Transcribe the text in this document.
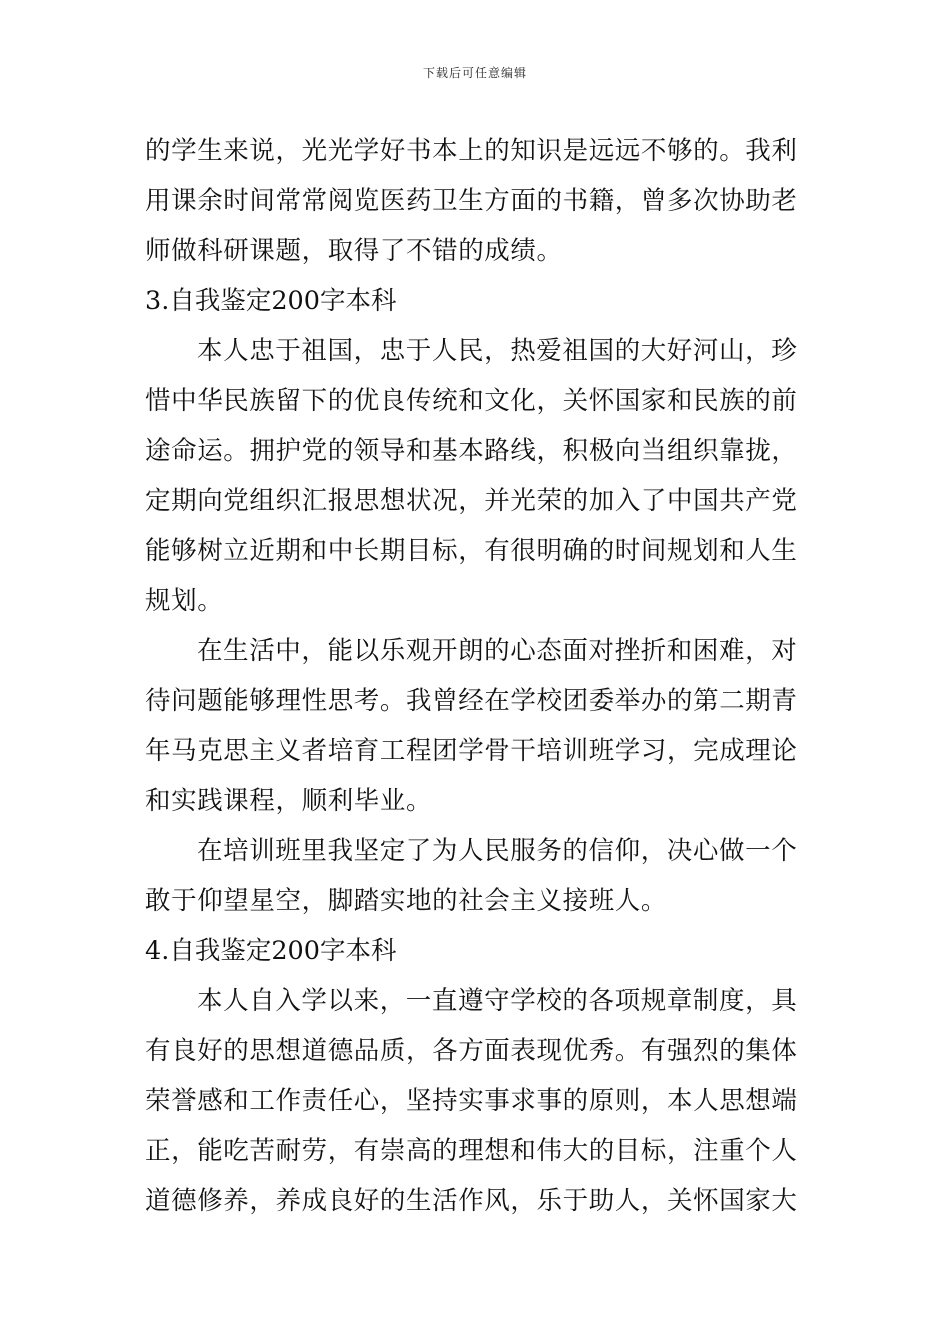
下载后可任意编辑
的学生来说，光光学好书本上的知识是远远不够的。我利
用课余时间常常阅览医药卫生方面的书籍，曾多次协助老
师做科研课题，取得了不错的成绩。
3.自我鉴定200字本科
本人忠于祖国，忠于人民，热爱祖国的大好河山，珍
惜中华民族留下的优良传统和文化，关怀国家和民族的前
途命运。拥护党的领导和基本路线，积极向当组织靠拢，
定期向党组织汇报思想状况，并光荣的加入了中国共产党
能够树立近期和中长期目标，有很明确的时间规划和人生
规划。
在生活中，能以乐观开朗的心态面对挫折和困难，对
待问题能够理性思考。我曾经在学校团委举办的第二期青
年马克思主义者培育工程团学骨干培训班学习，完成理论
和实践课程，顺利毕业。
在培训班里我坚定了为人民服务的信仰，决心做一个
敢于仰望星空，脚踏实地的社会主义接班人。
4.自我鉴定200字本科
本人自入学以来，一直遵守学校的各项规章制度，具
有良好的思想道德品质，各方面表现优秀。有强烈的集体
荣誉感和工作责任心，坚持实事求事的原则，本人思想端
正，能吃苦耐劳，有崇高的理想和伟大的目标，注重个人
道德修养，养成良好的生活作风，乐于助人，关怀国家大
